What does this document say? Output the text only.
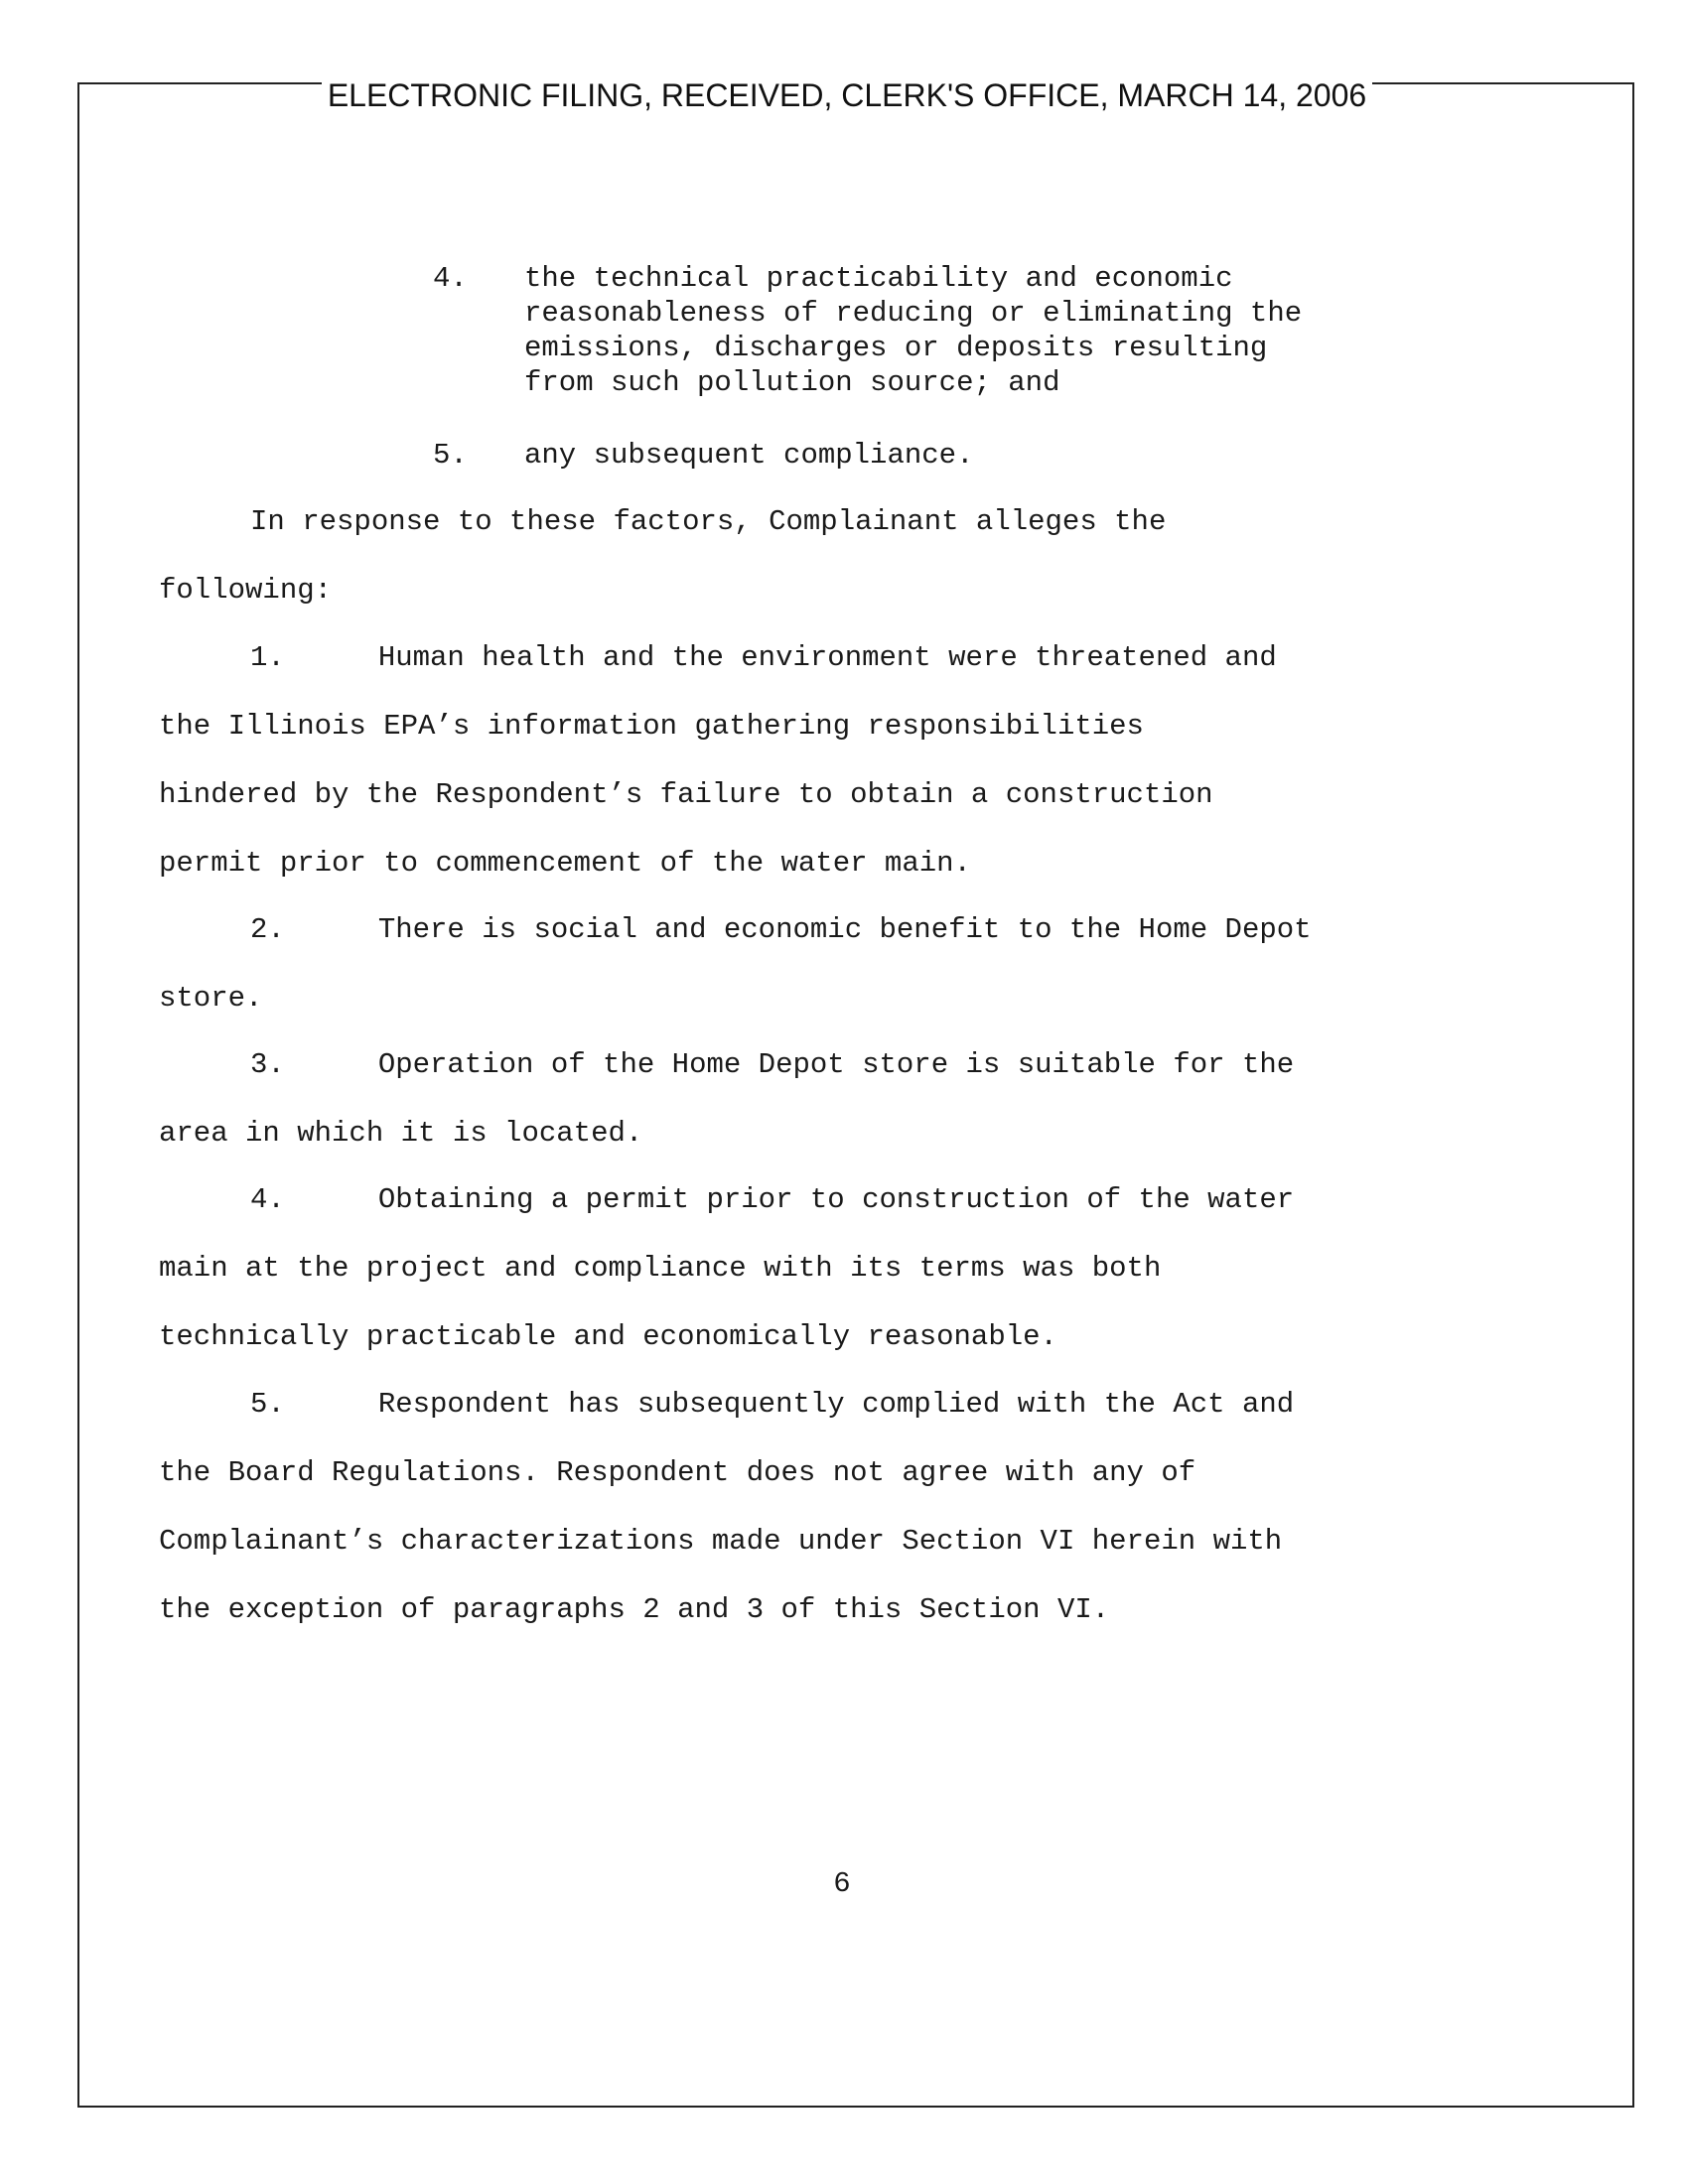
ELECTRONIC FILING, RECEIVED, CLERK'S OFFICE, MARCH 14, 2006
4. the technical practicability and economic
reasonableness of reducing or eliminating the
emissions, discharges or deposits resulting
from such pollution source; and
5. any subsequent compliance.
In response to these factors, Complainant alleges the
following:
1.	Human health and the environment were threatened and
the Illinois EPA’s information gathering responsibilities
hindered by the Respondent’s failure to obtain a construction
permit prior to commencement of the water main.
2.	There is social and economic benefit to the Home Depot
store.
3.	Operation of the Home Depot store is suitable for the
area in which it is located.
4.	Obtaining a permit prior to construction of the water
main at the project and compliance with its terms was both
technically practicable and economically reasonable.
5.	Respondent has subsequently complied with the Act and
the Board Regulations. Respondent does not agree with any of
Complainant’s characterizations made under Section VI herein with
the exception of paragraphs 2 and 3 of this Section VI.
6
